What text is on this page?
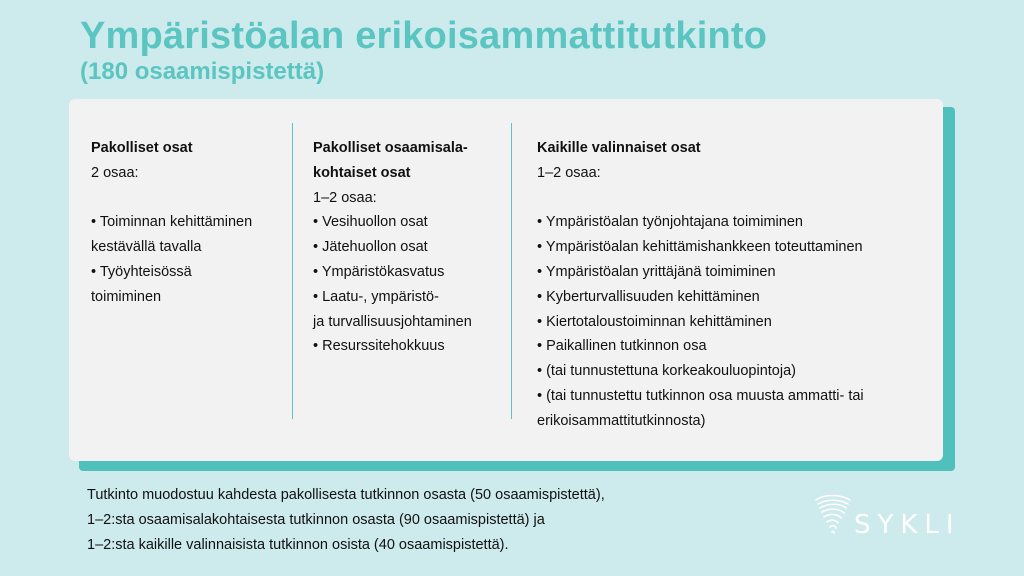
Ympäristöalan erikoisammattitutkinto
(180 osaamispistettä)
Pakolliset osat

2 osaa:

• Toiminnan kehittäminen
kestävällä tavalla
• Työyhteisössä
toimiminen
Pakolliset osaamisala-
kohtaiset osat

1–2 osaa:

• Vesihuollon osat
• Jätehuollon osat
• Ympäristökasvatus
• Laatu-, ympäristö-
ja turvallisuusjohtaminen
• Resurssitehokkuus
Kaikille valinnaiset osat

1–2 osaa:

• Ympäristöalan työnjohtajana toimiminen
• Ympäristöalan kehittämishankkeen toteuttaminen
• Ympäristöalan yrittäjänä toimiminen
• Kyberturvallisuuden kehittäminen
• Kiertotaloustoiminnan kehittäminen
• Paikallinen tutkinnon osa
• (tai tunnustettuna korkeakouluopintoja)
• (tai tunnustettu tutkinnon osa muusta ammatti- tai
erikoisammattitutkinnosta)

Tutkinto muodostuu kahdesta pakollisesta tutkinnon osasta (50 osaamispistettä),

1–2:sta osaamisalakohtaisesta tutkinnon osasta (90 osaamispistettä) ja

1–2:sta kaikille valinnaisista tutkinnon osista (40 osaamispistettä).

SYKLI
